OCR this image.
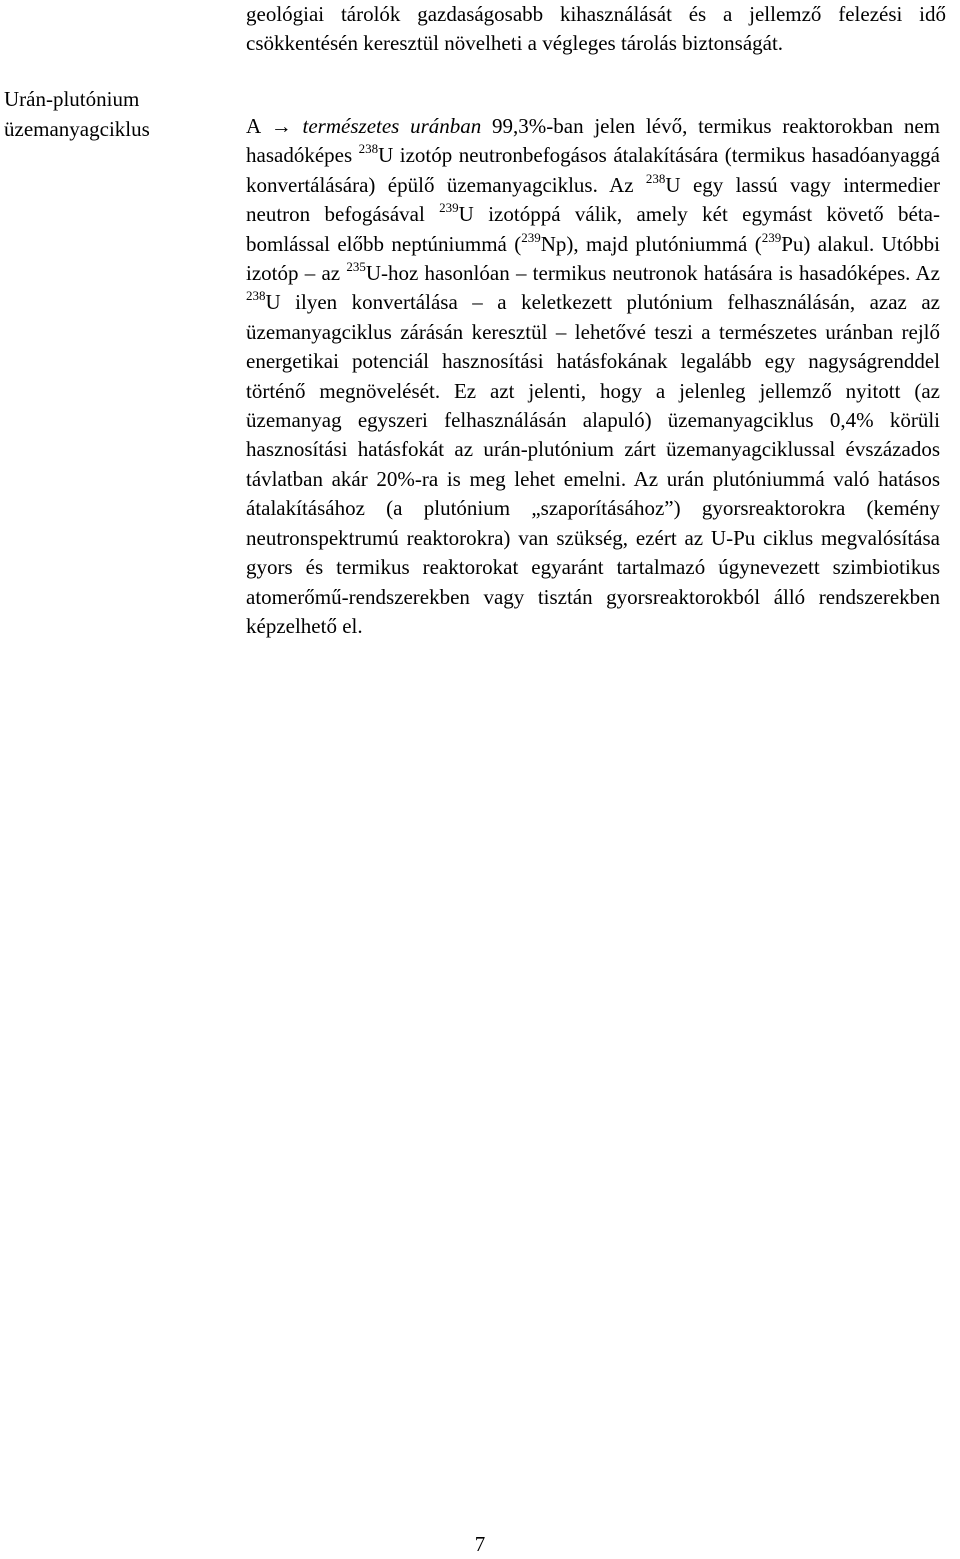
geológiai tárolók gazdaságosabb kihasználását és a jellemző felezési idő csökkentésén keresztül növelheti a végleges tárolás biztonságát.

Urán-plutónium
üzemanyagciklus	A → természetes uránban 99,3%-ban jelen lévő, termikus reaktorokban nem hasadóképes $^{238}$U izotóp neutronbefogásos átalakítására (termikus hasadóanyaggá konvertálására) épülő üzemanyagciklus. Az $^{238}$U egy lassú vagy intermedier neutron befogásával $^{239}$U izotóppá válik, amely két egymást követő béta-bomlással előbb neptúniummá ($^{239}$Np), majd plutóniummá ($^{239}$Pu) alakul. Utóbbi izotóp – az $^{235}$U-hoz hasonlóan – termikus neutronok hatására is hasadóképes. Az $^{238}$U ilyen konvertálása – a keletkezett plutónium felhasználásán, azaz az üzemanyagciklus zárásán keresztül – lehetővé teszi a természetes uránban rejlő energetikai potenciál hasznosítási hatásfokának legalább egy nagyságrenddel történő megnövelését. Ez azt jelenti, hogy a jelenleg jellemző nyitott (az üzemanyag egyszeri felhasználásán alapuló) üzemanyagciklus 0,4% körüli hasznosítási hatásfokát az urán-plutónium zárt üzemanyagciklussal évszázados távlatban akár 20%-ra is meg lehet emelni. Az urán plutóniummá való hatásos átalakításához (a plutónium „szaporításához”) gyorsreaktorokra (kemény neutronspektrumú reaktorokra) van szükség, ezért az U-Pu ciklus megvalósítása gyors és termikus reaktorokat egyaránt tartalmazó úgynevezett szimbiotikus atomerőmű-rendszerekben vagy tisztán gyorsreaktorokból álló rendszerekben képzelhető el.

7
